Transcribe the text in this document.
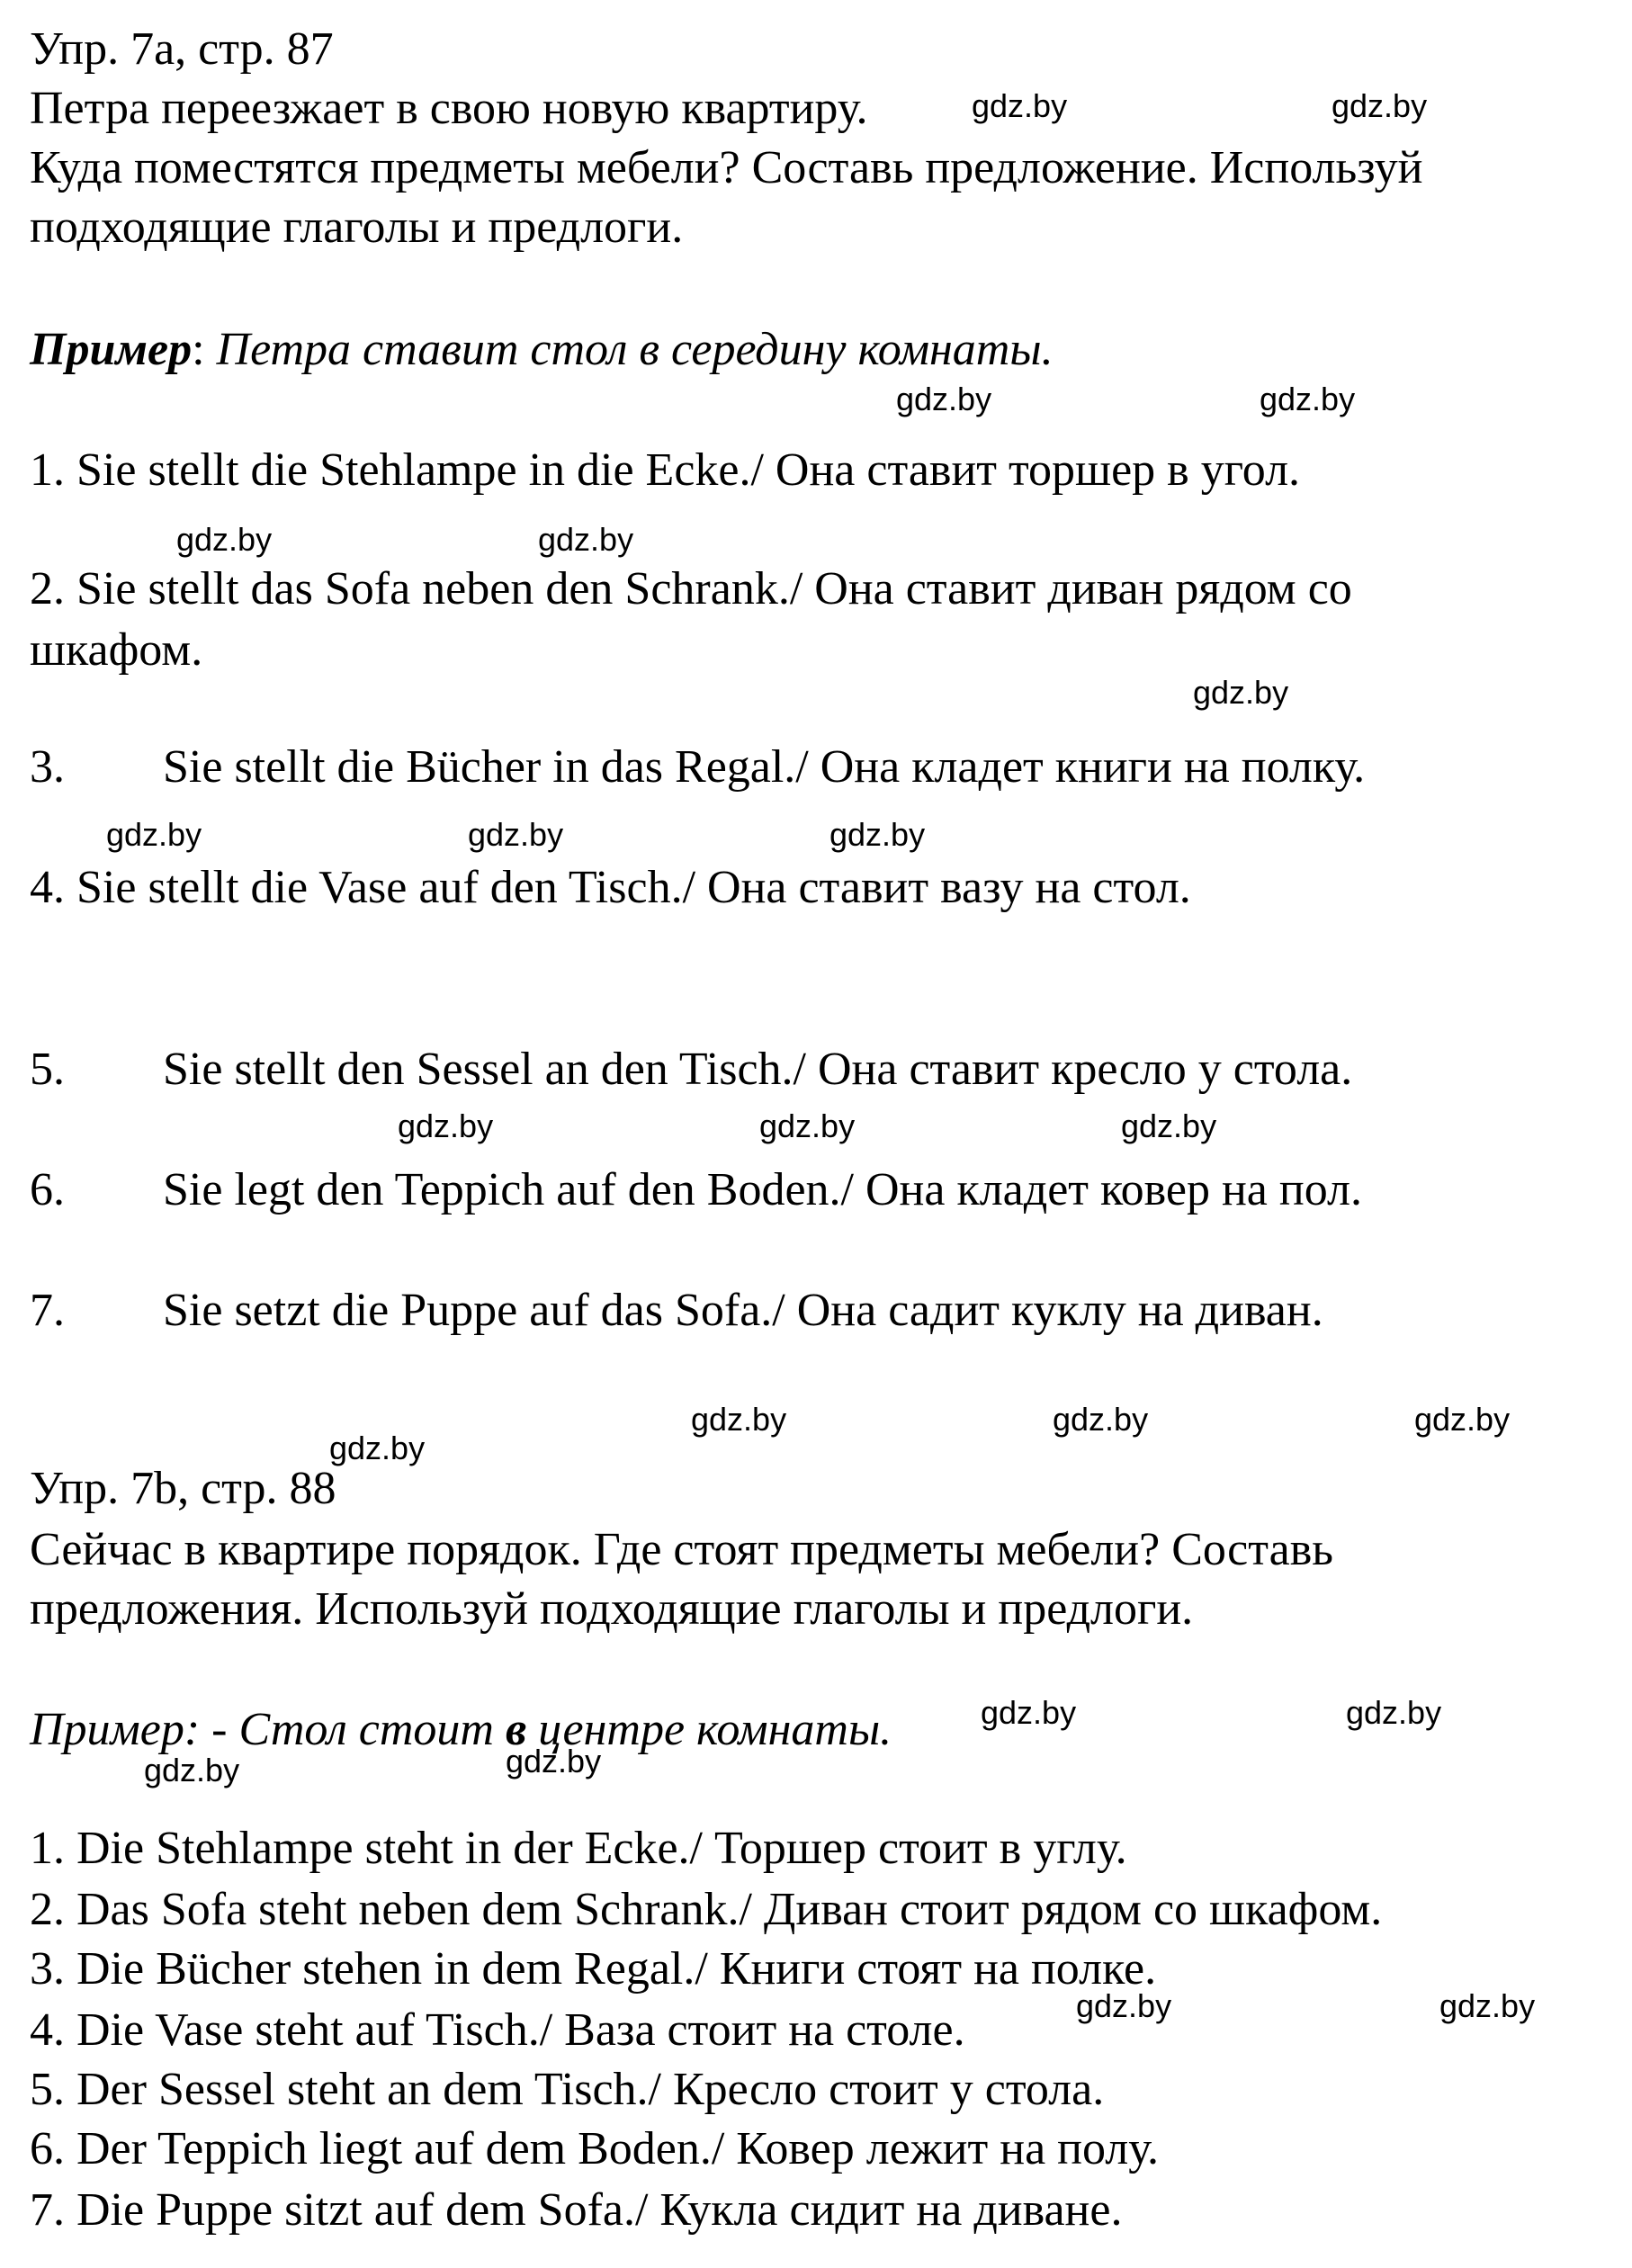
Упр. 7а, стр. 87

Петра переезжает в свою новую квартиру.

Куда поместятся предметы мебели? Составь предложение. Используй

подходящие глаголы и предлоги.

Пример: Петра ставит стол в середину комнаты.

1. Sie stellt die Stehlampe in die Ecke./ Она ставит торшер в угол.

2. Sie stellt das Sofa neben den Schrank./ Она ставит диван рядом со

шкафом.

3. Sie stellt die Bücher in das Regal./ Она кладет книги на полку.

4. Sie stellt die Vase auf den Tisch./ Она ставит вазу на стол.

5. Sie stellt den Sessel an den Tisch./ Она ставит кресло у стола.

6. Sie legt den Teppich auf den Boden./ Она кладет ковер на пол.

7. Sie setzt die Puppe auf das Sofa./ Она садит куклу на диван.

Упр. 7b, стр. 88

Сейчас в квартире порядок. Где стоят предметы мебели? Составь

предложения. Используй подходящие глаголы и предлоги.

Пример: - Стол стоит в центре комнаты.

1. Die Stehlampe steht in der Ecke./ Торшер стоит в углу.

2. Das Sofa steht neben dem Schrank./ Диван стоит рядом со шкафом.

3. Die Bücher stehen in dem Regal./ Книги стоят на полке.

4. Die Vase steht auf Tisch./ Ваза стоит на столе.

5. Der Sessel steht an dem Tisch./ Кресло стоит у стола.

6. Der Teppich liegt auf dem Boden./ Ковер лежит на полу.

7. Die Puppe sitzt auf dem Sofa./ Кукла сидит на диване.

gdz.by	gdz.by
gdz.by	gdz.by
gdz.by	gdz.by
gdz.by
gdz.by	gdz.by	gdz.by
gdz.by	gdz.by	gdz.by
gdz.by	gdz.by	gdz.by
gdz.by
gdz.by	gdz.by
gdz.by	gdz.by
gdz.by	gdz.by
